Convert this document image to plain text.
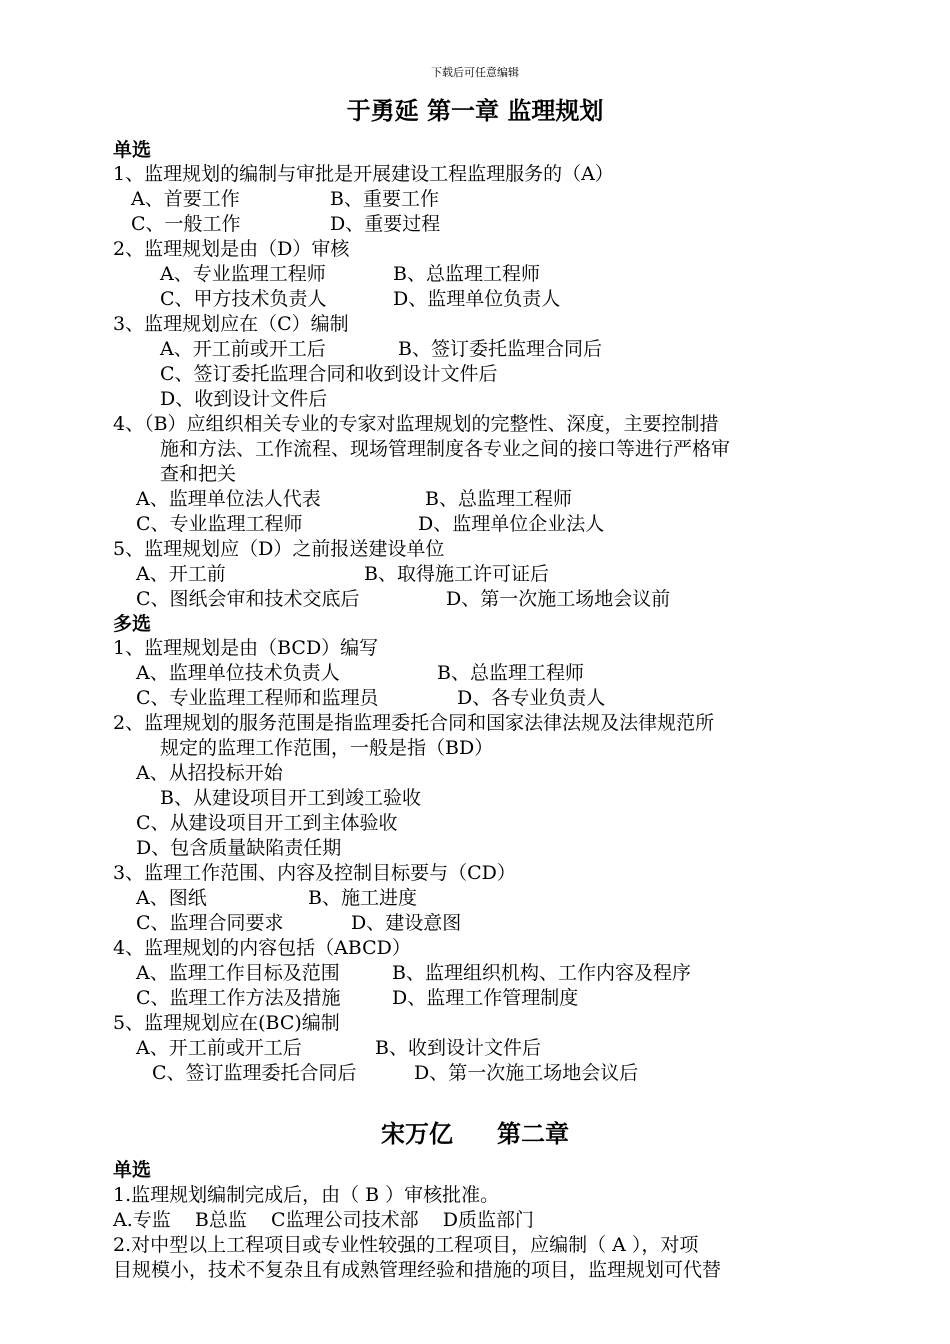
下载后可任意编辑
于勇延 第一章 监理规划
单选
1、监理规划的编制与审批是开展建设工程监理服务的（A）
A、首要工作	B、重要工作
C、一般工作	D、重要过程
2、监理规划是由（D）审核
A、专业监理工程师	B、总监理工程师
C、甲方技术负责人	D、监理单位负责人
3、监理规划应在（C）编制
A、开工前或开工后	B、签订委托监理合同后
C、签订委托监理合同和收到设计文件后
D、收到设计文件后
4、（B）应组织相关专业的专家对监理规划的完整性、深度，主要控制措
施和方法、工作流程、现场管理制度各专业之间的接口等进行严格审
查和把关
A、监理单位法人代表	B、总监理工程师
C、专业监理工程师	D、监理单位企业法人
5、监理规划应（D）之前报送建设单位
A、开工前	B、取得施工许可证后
C、图纸会审和技术交底后	D、第一次施工场地会议前
多选
1、监理规划是由（BCD）编写
A、监理单位技术负责人	B、总监理工程师
C、专业监理工程师和监理员	D、各专业负责人
2、监理规划的服务范围是指监理委托合同和国家法律法规及法律规范所
规定的监理工作范围，一般是指（BD）
A、从招投标开始
B、从建设项目开工到竣工验收
C、从建设项目开工到主体验收
D、包含质量缺陷责任期
3、监理工作范围、内容及控制目标要与（CD）
A、图纸	B、施工进度
C、监理合同要求	D、建设意图
4、监理规划的内容包括（ABCD）
A、监理工作目标及范围	B、监理组织机构、工作内容及程序
C、监理工作方法及措施	D、监理工作管理制度
5、监理规划应在(BC)编制
A、开工前或开工后	B、收到设计文件后
C、签订监理委托合同后	D、第一次施工场地会议后
宋万亿 第二章
单选
1.监理规划编制完成后，由（ B ）审核批准。
A.专监    B总监    C监理公司技术部    D质监部门
2.对中型以上工程项目或专业性较强的工程项目，应编制（ A ），对项
目规模小，技术不复杂且有成熟管理经验和措施的项目，监理规划可代替
